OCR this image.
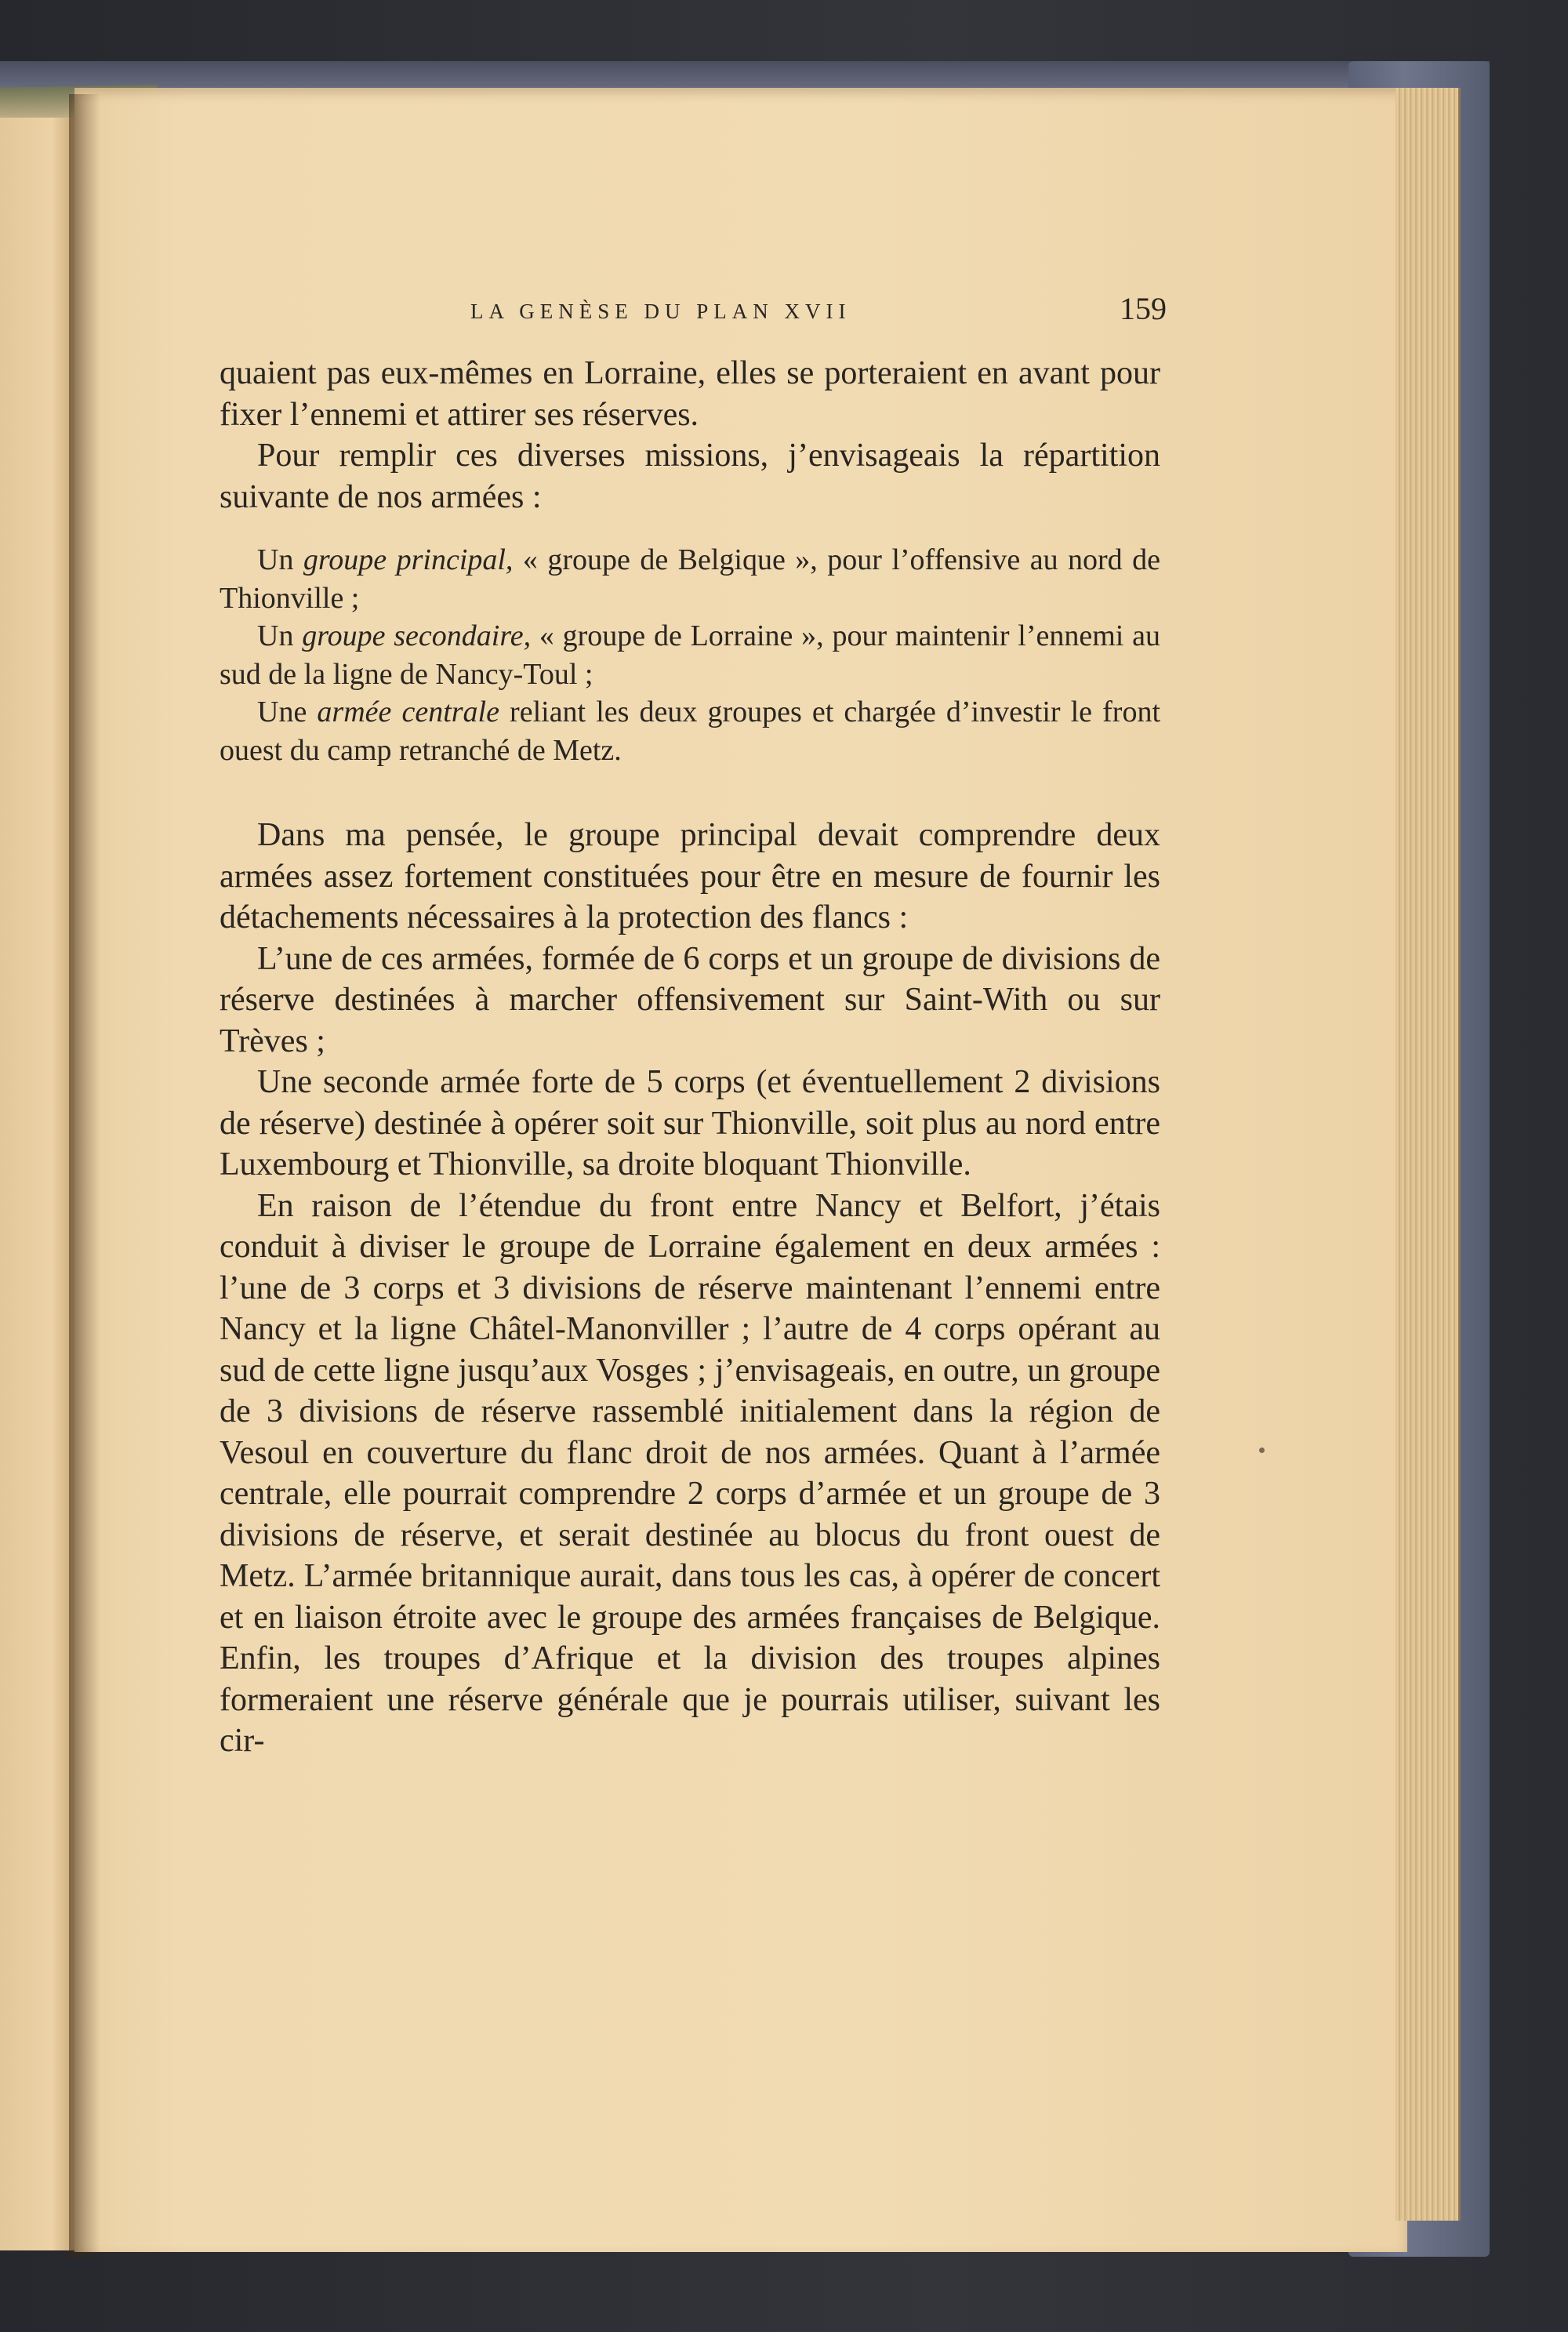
LA GENÈSE DU PLAN XVII	159

quaient pas eux-mêmes en Lorraine, elles se porteraient en avant pour fixer l’ennemi et attirer ses réserves.

Pour remplir ces diverses missions, j’envisageais la répartition suivante de nos armées :

Un groupe principal, « groupe de Belgique », pour l’offensive au nord de Thionville ;

Un groupe secondaire, « groupe de Lorraine », pour maintenir l’ennemi au sud de la ligne de Nancy-Toul ;

Une armée centrale reliant les deux groupes et chargée d’investir le front ouest du camp retranché de Metz.

Dans ma pensée, le groupe principal devait comprendre deux armées assez fortement constituées pour être en mesure de fournir les détachements nécessaires à la protection des flancs :

L’une de ces armées, formée de 6 corps et un groupe de divisions de réserve destinées à marcher offensivement sur Saint-With ou sur Trèves ;

Une seconde armée forte de 5 corps (et éventuellement 2 divisions de réserve) destinée à opérer soit sur Thionville, soit plus au nord entre Luxembourg et Thionville, sa droite bloquant Thionville.

En raison de l’étendue du front entre Nancy et Belfort, j’étais conduit à diviser le groupe de Lorraine également en deux armées : l’une de 3 corps et 3 divisions de réserve maintenant l’ennemi entre Nancy et la ligne Châtel-Manonviller ; l’autre de 4 corps opérant au sud de cette ligne jusqu’aux Vosges ; j’envisageais, en outre, un groupe de 3 divisions de réserve rassemblé initialement dans la région de Vesoul en couverture du flanc droit de nos armées. Quant à l’armée centrale, elle pourrait comprendre 2 corps d’armée et un groupe de 3 divisions de réserve, et serait destinée au blocus du front ouest de Metz. L’armée britannique aurait, dans tous les cas, à opérer de concert et en liaison étroite avec le groupe des armées françaises de Belgique. Enfin, les troupes d’Afrique et la division des troupes alpines formeraient une réserve générale que je pourrais utiliser, suivant les cir-
